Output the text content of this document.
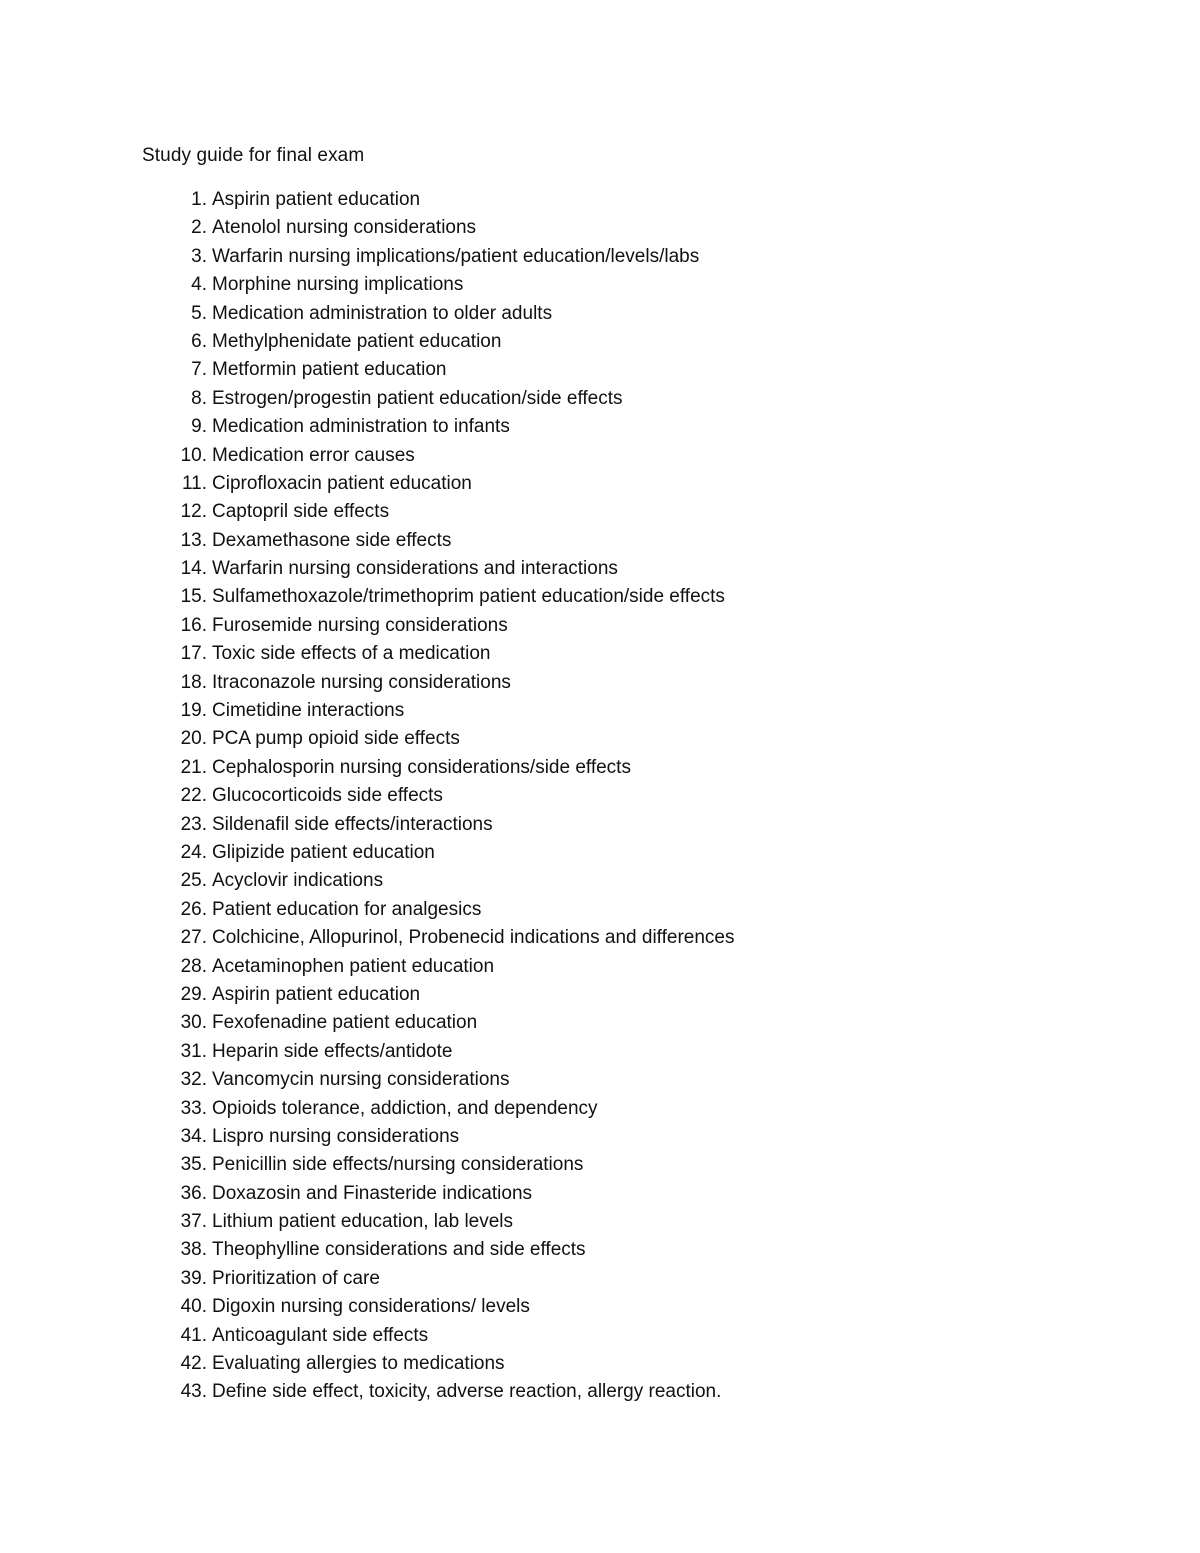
Study guide for final exam
1. Aspirin patient education
2. Atenolol nursing considerations
3. Warfarin nursing implications/patient education/levels/labs
4. Morphine nursing implications
5. Medication administration to older adults
6. Methylphenidate patient education
7. Metformin patient education
8. Estrogen/progestin patient education/side effects
9. Medication administration to infants
10. Medication error causes
11. Ciprofloxacin patient education
12. Captopril side effects
13. Dexamethasone side effects
14. Warfarin nursing considerations and interactions
15. Sulfamethoxazole/trimethoprim patient education/side effects
16. Furosemide nursing considerations
17. Toxic side effects of a medication
18. Itraconazole nursing considerations
19. Cimetidine interactions
20. PCA pump opioid side effects
21. Cephalosporin nursing considerations/side effects
22. Glucocorticoids side effects
23. Sildenafil side effects/interactions
24. Glipizide patient education
25. Acyclovir indications
26. Patient education for analgesics
27. Colchicine, Allopurinol, Probenecid indications and differences
28. Acetaminophen patient education
29. Aspirin patient education
30. Fexofenadine patient education
31. Heparin side effects/antidote
32. Vancomycin nursing considerations
33. Opioids tolerance, addiction, and dependency
34. Lispro nursing considerations
35. Penicillin side effects/nursing considerations
36. Doxazosin and Finasteride indications
37. Lithium patient education, lab levels
38. Theophylline considerations and side effects
39. Prioritization of care
40. Digoxin nursing considerations/ levels
41. Anticoagulant side effects
42. Evaluating allergies to medications
43. Define side effect, toxicity, adverse reaction, allergy reaction.
